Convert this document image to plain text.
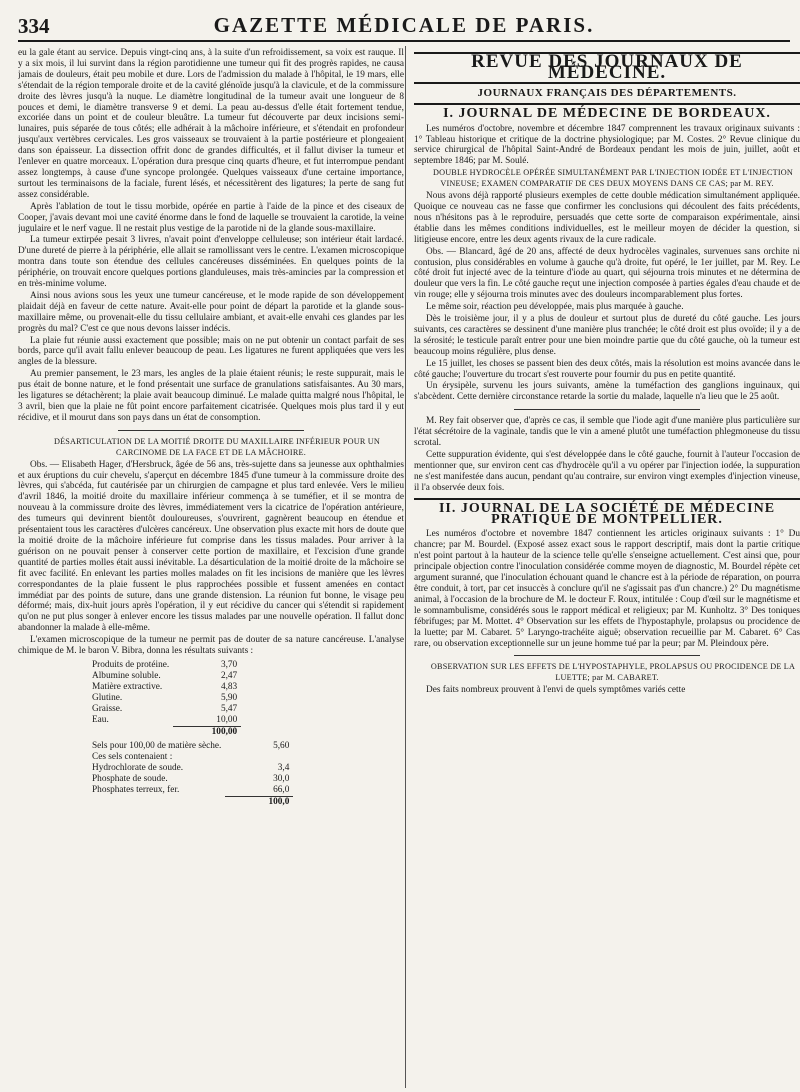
334	GAZETTE MÉDICALE DE PARIS.

eu la gale étant au service. Depuis vingt-cinq ans, à la suite d'un refroidissement, sa voix est rauque. Il y a six mois, il lui survint dans la région parotidienne une tumeur qui fit des progrès rapides, ne causa jamais de douleurs, était peu mobile et dure. Lors de l'admission du malade à l'hôpital, le 19 mars, elle s'étendait de la région temporale droite et de la cavité glénoïde jusqu'à la clavicule, et de la commissure droite des lèvres jusqu'à la nuque. Le diamètre longitudinal de la tumeur avait une longueur de 8 pouces et demi, le diamètre transverse 9 et demi. La peau au-dessus d'elle était fortement tendue, excoriée dans un point et de couleur bleuâtre. La tumeur fut découverte par deux incisions semi-lunaires, puis séparée de tous côtés; elle adhérait à la mâchoire inférieure, et s'étendait en profondeur jusqu'aux vertèbres cervicales. Les gros vaisseaux se trouvaient à la partie postérieure et plongeaient dans son épaisseur. La dissection offrit donc de grandes difficultés, et il fallut diviser la tumeur et l'enlever en quatre morceaux. L'opération dura presque cinq quarts d'heure, et fut interrompue pendant assez longtemps, à cause d'une syncope prolongée. Quelques vaisseaux d'une certaine importance, surtout les terminaisons de la faciale, furent lésés, et nécessitèrent des ligatures; la perte de sang fut assez considérable.

Après l'ablation de tout le tissu morbide, opérée en partie à l'aide de la pince et des ciseaux de Cooper, j'avais devant moi une cavité énorme dans le fond de laquelle se trouvaient la carotide, la veine jugulaire et le nerf vague. Il ne restait plus vestige de la parotide ni de la glande sous-maxillaire.

La tumeur extirpée pesait 3 livres, n'avait point d'enveloppe celluleuse; son intérieur était lardacé. D'une dureté de pierre à la périphérie, elle allait se ramollissant vers le centre. L'examen microscopique montra dans toute son étendue des cellules cancéreuses disséminées. En quelques points de la périphérie, on trouvait encore quelques portions glanduleuses, mais très-amincies par la compression et en très-minime volume.

Ainsi nous avions sous les yeux une tumeur cancéreuse, et le mode rapide de son développement plaidait déjà en faveur de cette nature. Avait-elle pour point de départ la parotide et la glande sous-maxillaire même, ou provenait-elle du tissu cellulaire ambiant, et avait-elle envahi ces glandes par les progrès du mal? C'est ce que nous devons laisser indécis.

La plaie fut réunie aussi exactement que possible; mais on ne put obtenir un contact parfait de ses bords, parce qu'il avait fallu enlever beaucoup de peau. Les ligatures ne furent appliquées que vers les angles de la blessure.

Au premier pansement, le 23 mars, les angles de la plaie étaient réunis; le reste suppurait, mais le pus était de bonne nature, et le fond présentait une surface de granulations satisfaisantes. Au 30 mars, les ligatures se détachèrent; la plaie avait beaucoup diminué. Le malade quitta malgré nous l'hôpital, le 3 avril, bien que la plaie ne fût point encore parfaitement cicatrisée. Quelques mois plus tard il y eut récidive, et il mourut dans son pays dans un état de consomption.

DÉSARTICULATION DE LA MOITIÉ DROITE DU MAXILLAIRE INFÉRIEUR POUR UN CARCINOME DE LA FACE ET DE LA MÂCHOIRE.

Obs. — Elisabeth Hager, d'Hersbruck, âgée de 56 ans, très-sujette dans sa jeunesse aux ophthalmies et aux éruptions du cuir chevelu, s'aperçut en décembre 1845 d'une tumeur à la commissure droite des lèvres, qui s'abcéda, fut cautérisée par un chirurgien de campagne et plus tard enlevée. Vers le milieu d'avril 1846, la moitié droite du maxillaire inférieur commença à se tuméfier, et il se montra de nouveau à la commissure droite des lèvres, immédiatement vers la cicatrice de l'opération antérieure, des tumeurs qui devinrent bientôt douloureuses, s'ouvrirent, gagnèrent beaucoup en étendue et présentaient tous les caractères d'ulcères cancéreux. Une observation plus exacte mit hors de doute que la moitié droite de la mâchoire inférieure fut comprise dans les tissus malades. Pour arriver à la guérison on ne pouvait penser à conserver cette portion de maxillaire, et l'excision d'une grande quantité de parties molles était aussi inévitable. La désarticulation de la moitié droite de la mâchoire se fit avec facilité. En enlevant les parties molles malades on fit les incisions de manière que les lèvres correspondantes de la plaie fussent le plus rapprochées possible et fussent amenées en contact immédiat par des points de suture, dans une grande distension. La réunion fut bonne, le visage peu déformé; mais, dix-huit jours après l'opération, il y eut récidive du cancer qui s'étendit si rapidement qu'on ne put plus songer à enlever encore les tissus malades par une nouvelle opération. Il fallut donc abandonner la malade à elle-même.

L'examen microscopique de la tumeur ne permit pas de douter de sa nature cancéreuse. L'analyse chimique de M. le baron V. Bibra, donna les résultats suivants :

Produits de protéine.	3,70
Albumine soluble.	2,47
Matière extractive.	4,83
Glutine.	5,90
Graisse.	5,47
Eau.	10,00
	100,00
Sels pour 100,00 de matière sèche.	5,60
Ces sels contenaient :	
Hydrochlorate de soude.	3,4
Phosphate de soude.	30,0
Phosphates terreux, fer.	66,0
	100,0
REVUE DES JOURNAUX DE MÉDECINE.
JOURNAUX FRANÇAIS DES DÉPARTEMENTS.
I. JOURNAL DE MÉDECINE DE BORDEAUX.

Les numéros d'octobre, novembre et décembre 1847 comprennent les travaux originaux suivants : 1° Tableau historique et critique de la doctrine physiologique; par M. Costes. 2° Revue clinique du service chirurgical de l'hôpital Saint-André de Bordeaux pendant les mois de juin, juillet, août et septembre 1846; par M. Soulé.

DOUBLE HYDROCÈLE OPÉRÉE SIMULTANÉMENT PAR L'INJECTION IODÉE ET L'INJECTION VINEUSE; EXAMEN COMPARATIF DE CES DEUX MOYENS DANS CE CAS; par M. REY.

Nous avons déjà rapporté plusieurs exemples de cette double médication simultanément appliquée. Quoique ce nouveau cas ne fasse que confirmer les conclusions qui découlent des faits précédents, nous n'hésitons pas à le reproduire, persuadés que cette sorte de comparaison expérimentale, ainsi établie dans les mêmes conditions individuelles, est le meilleur moyen de décider la question, si litigieuse encore, entre les deux agents rivaux de la cure radicale.

Obs. — Blancard, âgé de 20 ans, affecté de deux hydrocèles vaginales, survenues sans orchite ni contusion, plus considérables en volume à gauche qu'à droite, fut opéré, le 1er juillet, par M. Rey. Le côté droit fut injecté avec de la teinture d'iode au quart, qui séjourna trois minutes et ne détermina de douleur que vers la fin. Le côté gauche reçut une injection composée à parties égales d'eau chaude et de vin rouge; elle y séjourna trois minutes avec des douleurs incomparablement plus fortes.

Le même soir, réaction peu développée, mais plus marquée à gauche.

Dès le troisième jour, il y a plus de douleur et surtout plus de dureté du côté gauche. Les jours suivants, ces caractères se dessinent d'une manière plus tranchée; le côté droit est plus ovoïde; il y a de la sérosité; le testicule paraît entrer pour une bien moindre partie que du côté gauche, où la tumeur est beaucoup moins régulière, plus dense.

Le 15 juillet, les choses se passent bien des deux côtés, mais la résolution est moins avancée dans le côté gauche; l'ouverture du trocart s'est rouverte pour fournir du pus en petite quantité.

Un érysipèle, survenu les jours suivants, amène la tuméfaction des ganglions inguinaux, qui s'abcèdent. Cette dernière circonstance retarde la sortie du malade, laquelle n'a lieu que le 25 août.

M. Rey fait observer que, d'après ce cas, il semble que l'iode agit d'une manière plus particulière sur l'état sécrétoire de la vaginale, tandis que le vin a amené plutôt une tuméfaction phlegmoneuse du tissu scrotal.

Cette suppuration évidente, qui s'est développée dans le côté gauche, fournit à l'auteur l'occasion de mentionner que, sur environ cent cas d'hydrocèle qu'il a vu opérer par l'injection iodée, la suppuration ne s'est manifestée dans aucun, pendant qu'au contraire, sur environ vingt exemples d'injection vineuse, il l'a observée deux fois.

II. JOURNAL DE LA SOCIÉTÉ DE MÉDECINE PRATIQUE DE MONTPELLIER.

Les numéros d'octobre et novembre 1847 contiennent les articles originaux suivants : 1° Du chancre; par M. Bourdel. (Exposé assez exact sous le rapport descriptif, mais dont la partie critique n'est point partout à la hauteur de la science telle qu'elle s'enseigne actuellement. C'est ainsi que, pour principale objection contre l'inoculation considérée comme moyen de diagnostic, M. Bourdel répète cet argument suranné, que l'inoculation échouant quand le chancre est à la période de réparation, on pourra être conduit, à tort, par cet insuccès à conclure qu'il ne s'agissait pas d'un chancre.) 2° Du magnétisme animal, à l'occasion de la brochure de M. le docteur F. Roux, intitulée : Coup d'œil sur le magnétisme et le somnambulisme, considérés sous le rapport médical et religieux; par M. Kunholtz. 3° Des toniques fébrifuges; par M. Mottet. 4° Observation sur les effets de l'hypostaphyle, prolapsus ou procidence de la luette; par M. Cabaret. 5° Laryngo-trachéite aiguë; observation recueillie par M. Cabaret. 6° Cas rare, ou observation exceptionnelle sur un jeune homme tué par la peur; par M. Pleindoux père.

OBSERVATION SUR LES EFFETS DE L'HYPOSTAPHYLE, PROLAPSUS OU PROCIDENCE DE LA LUETTE; par M. CABARET.

Des faits nombreux prouvent à l'envi de quels symptômes variés cette
